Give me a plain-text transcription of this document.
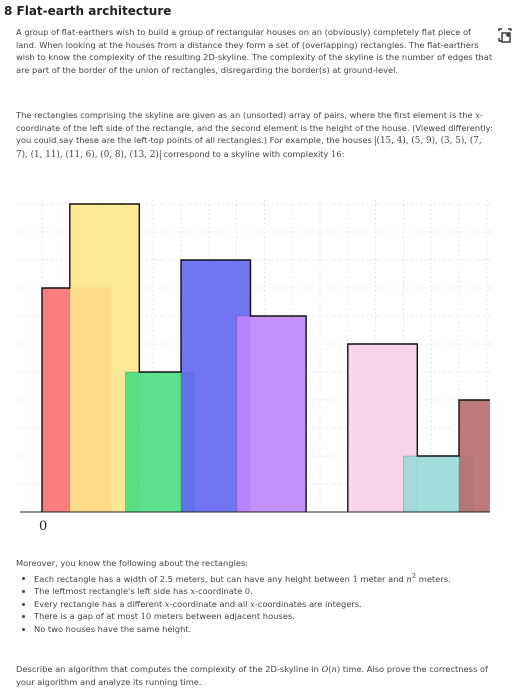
8 Flat-earth architecture
A group of flat-earthers wish to build a group of rectangular houses on an (obviously) completely flat piece of land. When looking at the houses from a distance they form a set of (overlapping) rectangles. The flat-earthers wish to know the complexity of the resulting 2D-skyline. The complexity of the skyline is the number of edges that are part of the border of the union of rectangles, disregarding the border(s) at ground-level.
The rectangles comprising the skyline are given as an (unsorted) array of pairs, where the first element is the x-coordinate of the left side of the rectangle, and the second element is the height of the house. (Viewed differently: you could say these are the left-top points of all rectangles.) For example, the houses (15, 4), (5, 9), (3, 5), (7, 7), (1, 11), (11, 6), (0, 8), (13, 2) correspond to a skyline with complexity 16:
0
Moreover, you know the following about the rectangles:
• Each rectangle has a width of 2.5 meters, but can have any height between 1 meter and $n^2$ meters.
• The leftmost rectangle's left side has x-coordinate 0.
• Every rectangle has a different x-coordinate and all x-coordinates are integers.
• There is a gap of at most 10 meters between adjacent houses.
• No two houses have the same height.
Describe an algorithm that computes the complexity of the 2D-skyline in O(n) time. Also prove the correctness of your algorithm and analyze its running time.
